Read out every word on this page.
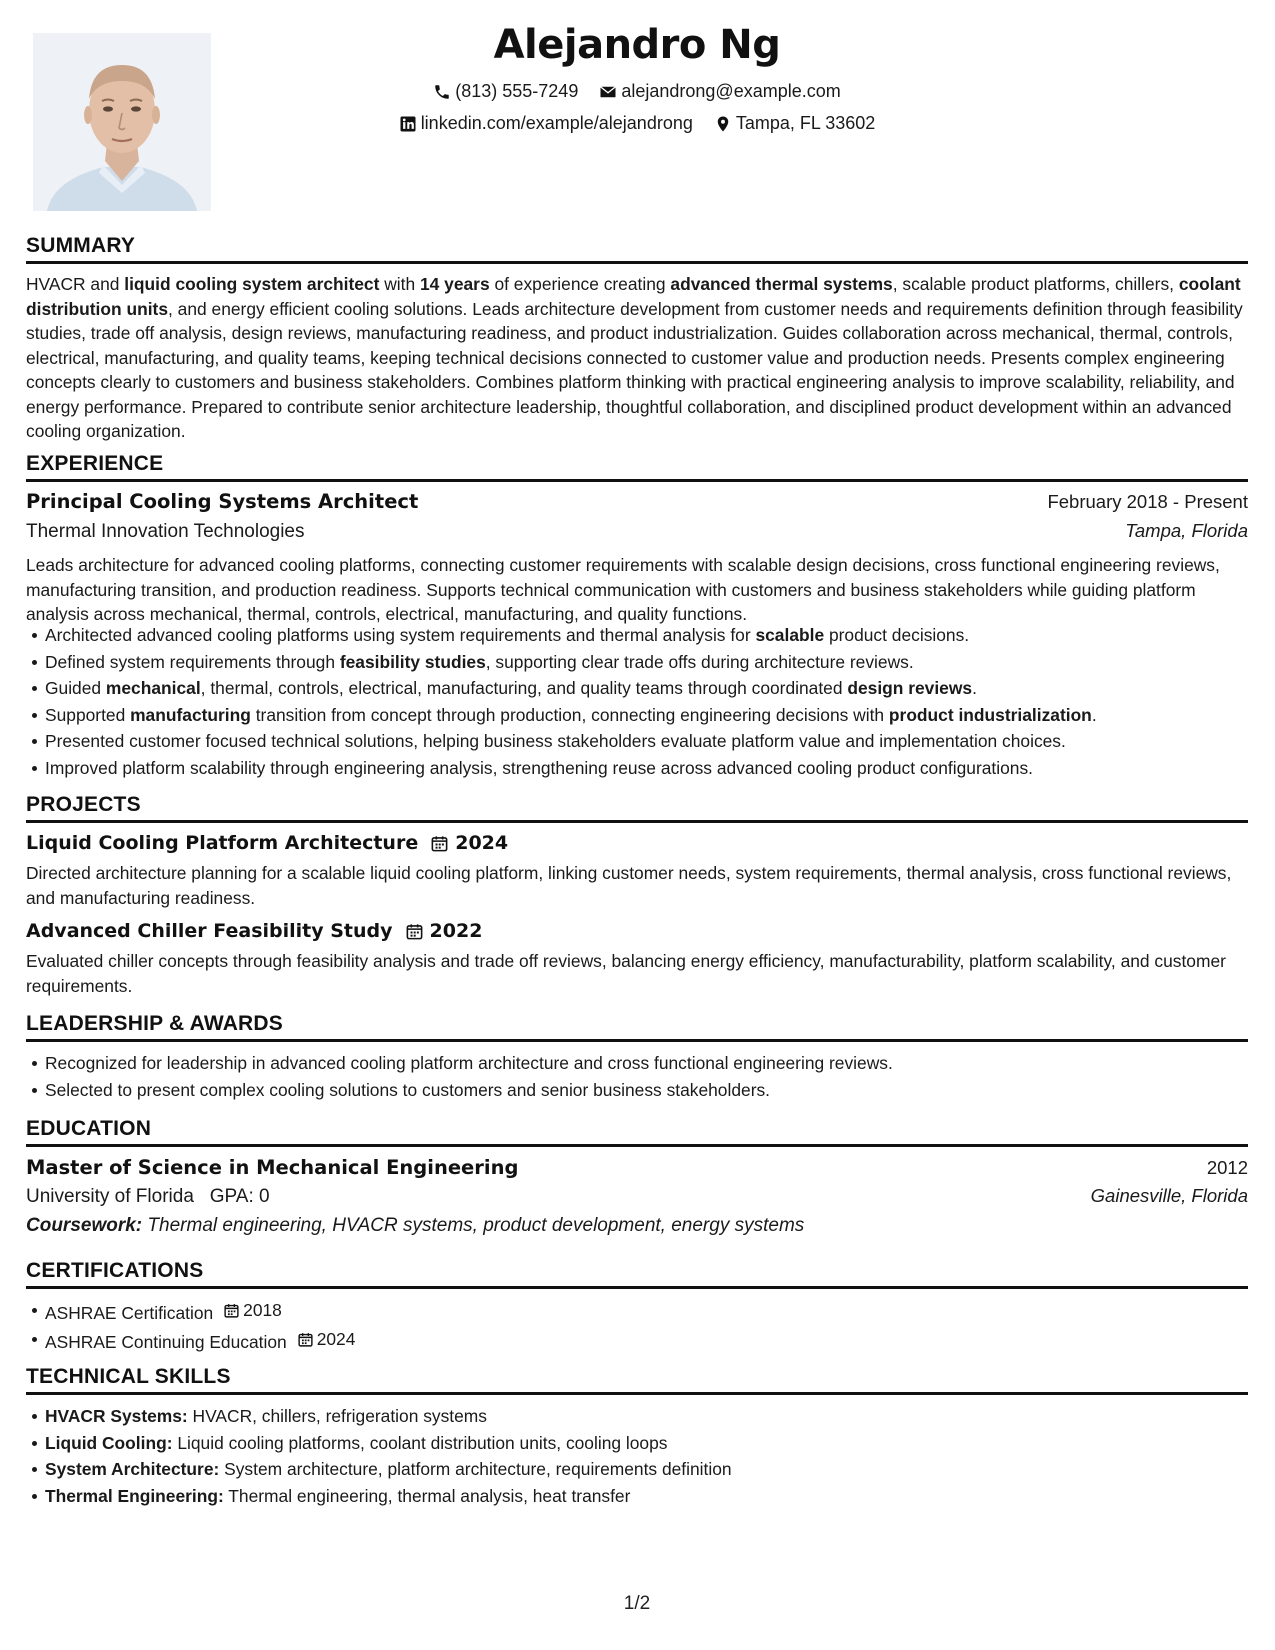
Alejandro Ng
(813) 555-7249
alejandrong@example.com
linkedin.com/example/alejandrong
Tampa, FL 33602
SUMMARY
HVACR and liquid cooling system architect with 14 years of experience creating advanced thermal systems, scalable product platforms, chillers, coolant distribution units, and energy efficient cooling solutions. Leads architecture development from customer needs and requirements definition through feasibility studies, trade off analysis, design reviews, manufacturing readiness, and product industrialization. Guides collaboration across mechanical, thermal, controls, electrical, manufacturing, and quality teams, keeping technical decisions connected to customer value and production needs. Presents complex engineering concepts clearly to customers and business stakeholders. Combines platform thinking with practical engineering analysis to improve scalability, reliability, and energy performance. Prepared to contribute senior architecture leadership, thoughtful collaboration, and disciplined product development within an advanced cooling organization.
EXPERIENCE
Principal Cooling Systems Architect	February 2018 - Present
Thermal Innovation Technologies	Tampa, Florida
Leads architecture for advanced cooling platforms, connecting customer requirements with scalable design decisions, cross functional engineering reviews, manufacturing transition, and production readiness. Supports technical communication with customers and business stakeholders while guiding platform analysis across mechanical, thermal, controls, electrical, manufacturing, and quality functions.
Architected advanced cooling platforms using system requirements and thermal analysis for scalable product decisions.
Defined system requirements through feasibility studies, supporting clear trade offs during architecture reviews.
Guided mechanical, thermal, controls, electrical, manufacturing, and quality teams through coordinated design reviews.
Supported manufacturing transition from concept through production, connecting engineering decisions with product industrialization.
Presented customer focused technical solutions, helping business stakeholders evaluate platform value and implementation choices.
Improved platform scalability through engineering analysis, strengthening reuse across advanced cooling product configurations.
PROJECTS
Liquid Cooling Platform Architecture 2024
Directed architecture planning for a scalable liquid cooling platform, linking customer needs, system requirements, thermal analysis, cross functional reviews, and manufacturing readiness.
Advanced Chiller Feasibility Study 2022
Evaluated chiller concepts through feasibility analysis and trade off reviews, balancing energy efficiency, manufacturability, platform scalability, and customer requirements.
LEADERSHIP & AWARDS
Recognized for leadership in advanced cooling platform architecture and cross functional engineering reviews.
Selected to present complex cooling solutions to customers and senior business stakeholders.
EDUCATION
Master of Science in Mechanical Engineering	2012
University of Florida GPA: 0	Gainesville, Florida
Coursework: Thermal engineering, HVACR systems, product development, energy systems
CERTIFICATIONS
ASHRAE Certification 2018
ASHRAE Continuing Education 2024
TECHNICAL SKILLS
HVACR Systems: HVACR, chillers, refrigeration systems
Liquid Cooling: Liquid cooling platforms, coolant distribution units, cooling loops
System Architecture: System architecture, platform architecture, requirements definition
Thermal Engineering: Thermal engineering, thermal analysis, heat transfer
1/2
